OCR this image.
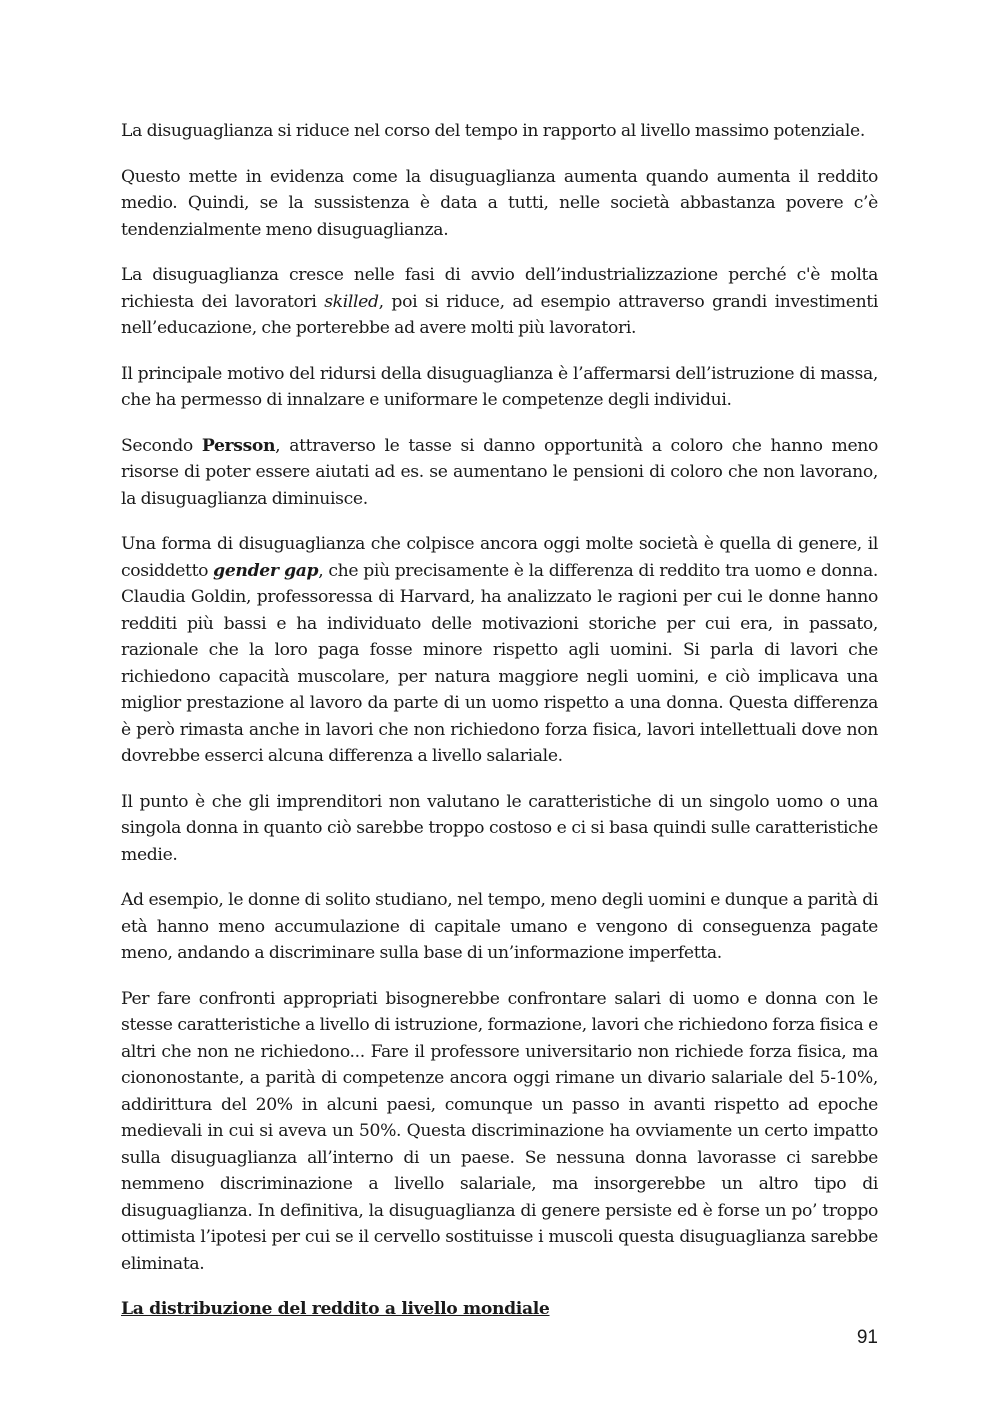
La disuguaglianza si riduce nel corso del tempo in rapporto al livello massimo potenziale.

Questo mette in evidenza come la disuguaglianza aumenta quando aumenta il reddito medio. Quindi, se la sussistenza è data a tutti, nelle società abbastanza povere c’è tendenzialmente meno disuguaglianza.

La disuguaglianza cresce nelle fasi di avvio dell’industrializzazione perché c'è molta richiesta dei lavoratori skilled, poi si riduce, ad esempio attraverso grandi investimenti nell’educazione, che porterebbe ad avere molti più lavoratori.

Il principale motivo del ridursi della disuguaglianza è l’affermarsi dell’istruzione di massa, che ha permesso di innalzare e uniformare le competenze degli individui.

Secondo Persson, attraverso le tasse si danno opportunità a coloro che hanno meno risorse di poter essere aiutati ad es. se aumentano le pensioni di coloro che non lavorano, la disuguaglianza diminuisce.

Una forma di disuguaglianza che colpisce ancora oggi molte società è quella di genere, il cosiddetto gender gap, che più precisamente è la differenza di reddito tra uomo e donna. Claudia Goldin, professoressa di Harvard, ha analizzato le ragioni per cui le donne hanno redditi più bassi e ha individuato delle motivazioni storiche per cui era, in passato, razionale che la loro paga fosse minore rispetto agli uomini. Si parla di lavori che richiedono capacità muscolare, per natura maggiore negli uomini, e ciò implicava una miglior prestazione al lavoro da parte di un uomo rispetto a una donna. Questa differenza è però rimasta anche in lavori che non richiedono forza fisica, lavori intellettuali dove non dovrebbe esserci alcuna differenza a livello salariale.

Il punto è che gli imprenditori non valutano le caratteristiche di un singolo uomo o una singola donna in quanto ciò sarebbe troppo costoso e ci si basa quindi sulle caratteristiche medie.

Ad esempio, le donne di solito studiano, nel tempo, meno degli uomini e dunque a parità di età hanno meno accumulazione di capitale umano e vengono di conseguenza pagate meno, andando a discriminare sulla base di un’informazione imperfetta.

Per fare confronti appropriati bisognerebbe confrontare salari di uomo e donna con le stesse caratteristiche a livello di istruzione, formazione, lavori che richiedono forza fisica e altri che non ne richiedono... Fare il professore universitario non richiede forza fisica, ma ciononostante, a parità di competenze ancora oggi rimane un divario salariale del 5-10%, addirittura del 20% in alcuni paesi, comunque un passo in avanti rispetto ad epoche medievali in cui si aveva un 50%. Questa discriminazione ha ovviamente un certo impatto sulla disuguaglianza all’interno di un paese. Se nessuna donna lavorasse ci sarebbe nemmeno discriminazione a livello salariale, ma insorgerebbe un altro tipo di disuguaglianza. In definitiva, la disuguaglianza di genere persiste ed è forse un po’ troppo ottimista l’ipotesi per cui se il cervello sostituisse i muscoli questa disuguaglianza sarebbe eliminata.

La distribuzione del reddito a livello mondiale

91
